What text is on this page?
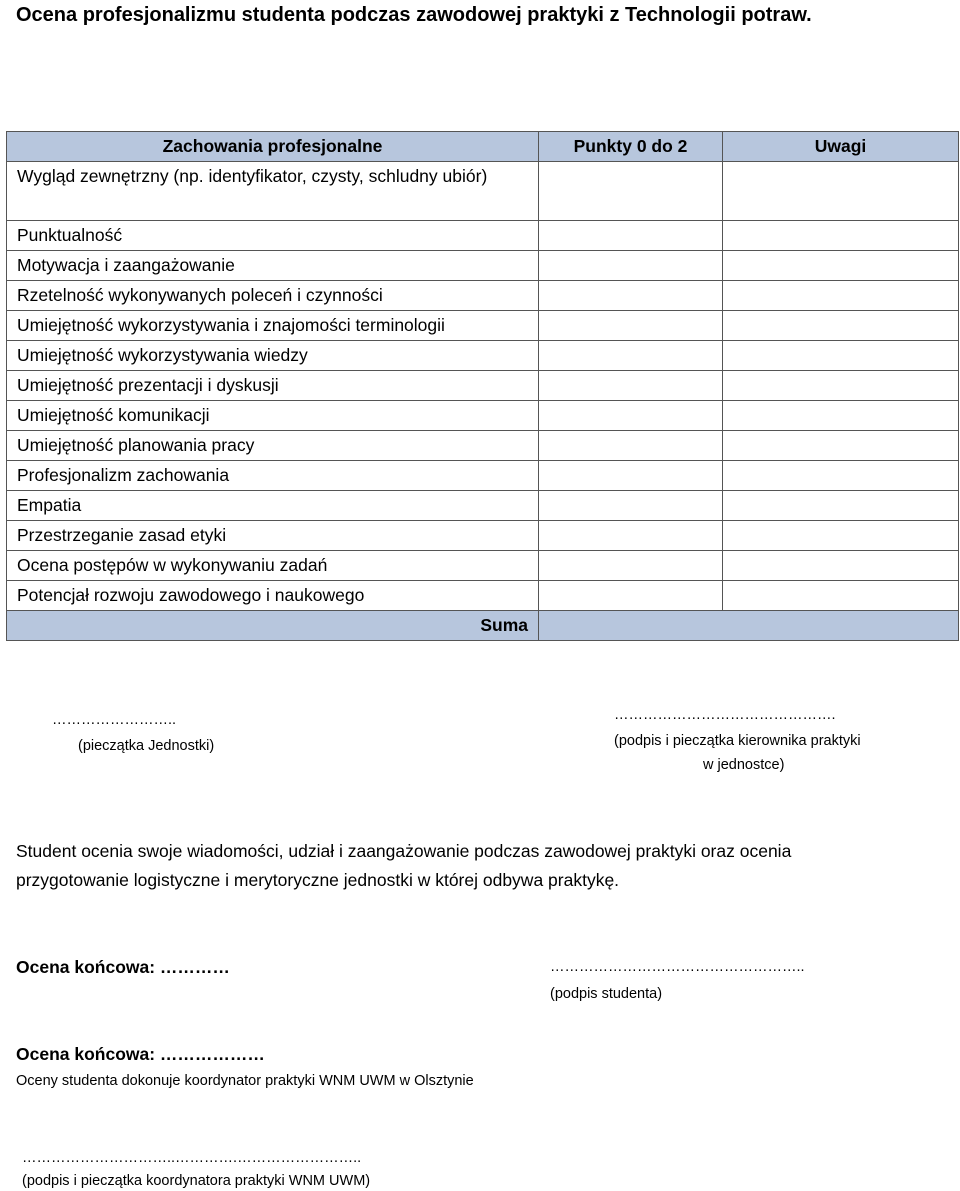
Ocena profesjonalizmu studenta podczas zawodowej praktyki z Technologii potraw.
Zachowania profesjonalne	Punkty 0 do 2	Uwagi
Wygląd zewnętrzny (np. identyfikator, czysty, schludny ubiór)		
Punktualność		
Motywacja i zaangażowanie		
Rzetelność wykonywanych poleceń i czynności		
Umiejętność wykorzystywania i znajomości terminologii		
Umiejętność wykorzystywania wiedzy		
Umiejętność prezentacji i dyskusji		
Umiejętność komunikacji		
Umiejętność planowania pracy		
Profesjonalizm zachowania		
Empatia		
Przestrzeganie zasad etyki		
Ocena postępów w wykonywaniu zadań		
Potencjał rozwoju zawodowego i naukowego		
Suma		
……………………..
(pieczątka Jednostki)
……………………………………….
(podpis i pieczątka kierownika praktyki
w jednostce)
Student ocenia swoje wiadomości, udział i zaangażowanie podczas zawodowej praktyki oraz ocenia
przygotowanie logistyczne i merytoryczne jednostki w której odbywa praktykę.
Ocena końcowa: …………	……………………………………………..
(podpis studenta)
Ocena końcowa: ………………
Oceny studenta dokonuje koordynator praktyki WNM UWM w Olsztynie
…………………………..………….……………………..
(podpis i pieczątka koordynatora praktyki WNM UWM)
